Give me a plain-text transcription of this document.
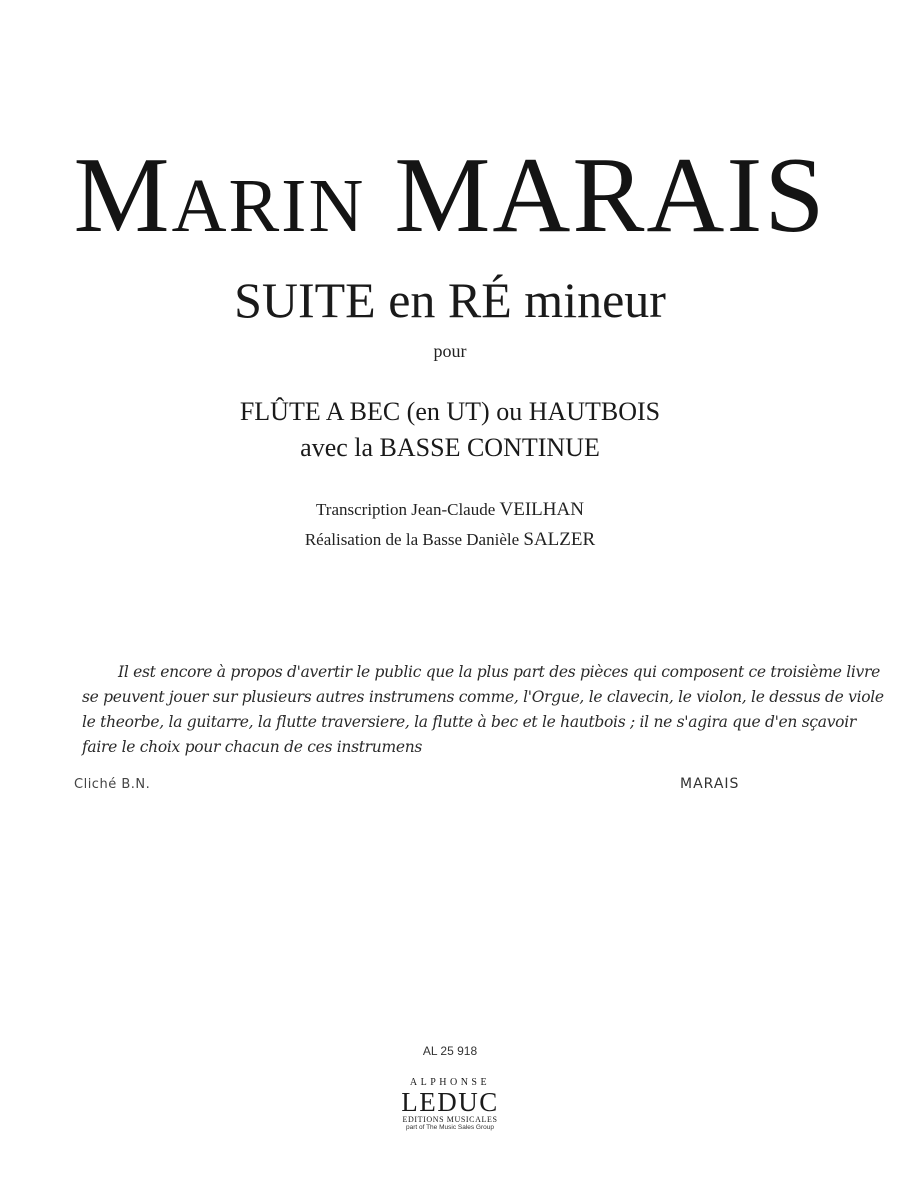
Marin MARAIS
SUITE en RÉ mineur
pour
FLÛTE A BEC (en UT) ou HAUTBOIS
avec la BASSE CONTINUE
Transcription Jean-Claude VEILHAN
Réalisation de la Basse Danièle SALZER
Il est encore à propos d'avertir le public que la plus part des pièces qui composent ce troisième livre
se peuvent jouer sur plusieurs autres instrumens comme, l'Orgue, le clavecin, le violon, le dessus de viole
le theorbe, la guitarre, la flutte traversiere, la flutte à bec et le hautbois ; il ne s'agira que d'en sçavoir
faire le choix pour chacun de ces instrumens
Cliché B.N.	MARAIS
AL 25 918
ALPHONSE
LEDUC
EDITIONS MUSICALES
part of The Music Sales Group
